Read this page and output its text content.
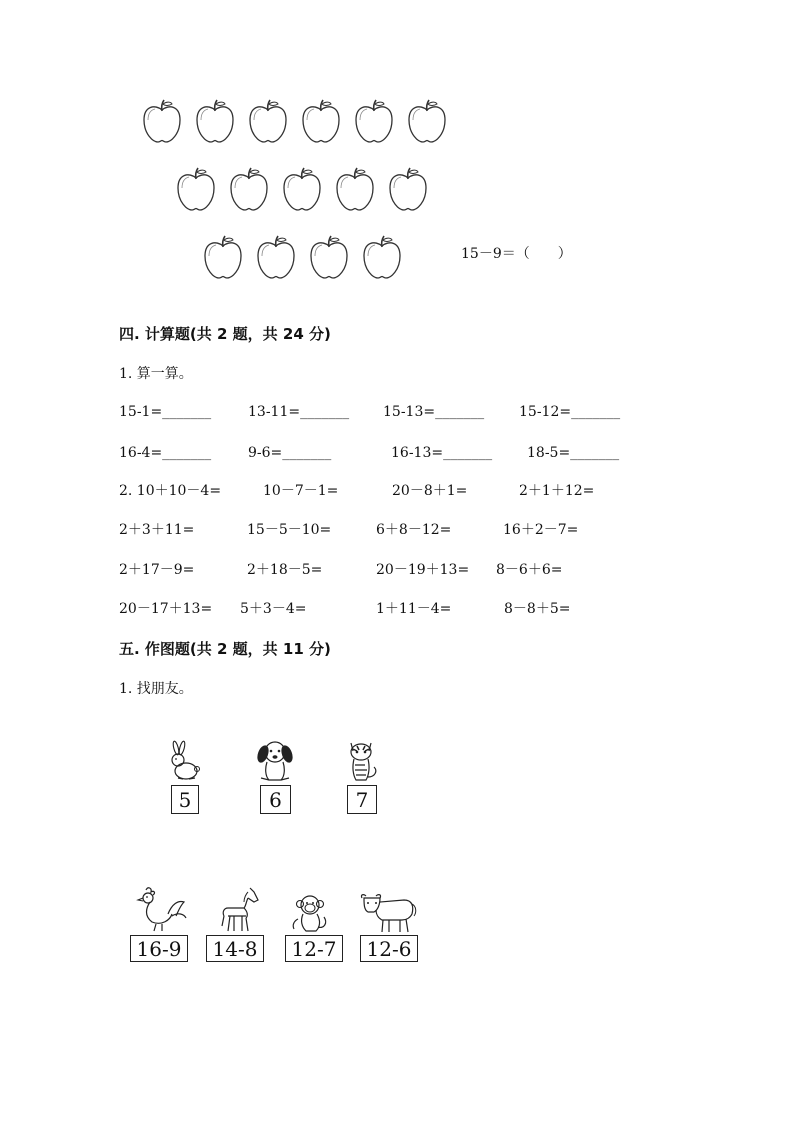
15－9＝（　　）
四. 计算题(共 2 题，共 24 分)
1. 算一算。
15-1=_______	13-11=_______ 15-13=_______ 15-12=_______
16-4=_______	9-6=_______	16-13=_______ 18-5=_______
2. 10＋10－4=	10－7－1=	20－8＋1=	2＋1＋12=
2＋3＋11=	15－5－10=	6＋8－12=	16＋2－7=
2＋17－9=	2＋18－5=	20－19＋13= 8－6＋6=
20－17＋13= 5＋3－4=	1＋11－4=	8－8＋5=
五. 作图题(共 2 题，共 11 分)
1. 找朋友。
5	6	7
16-9	14-8	12-7	12-6
